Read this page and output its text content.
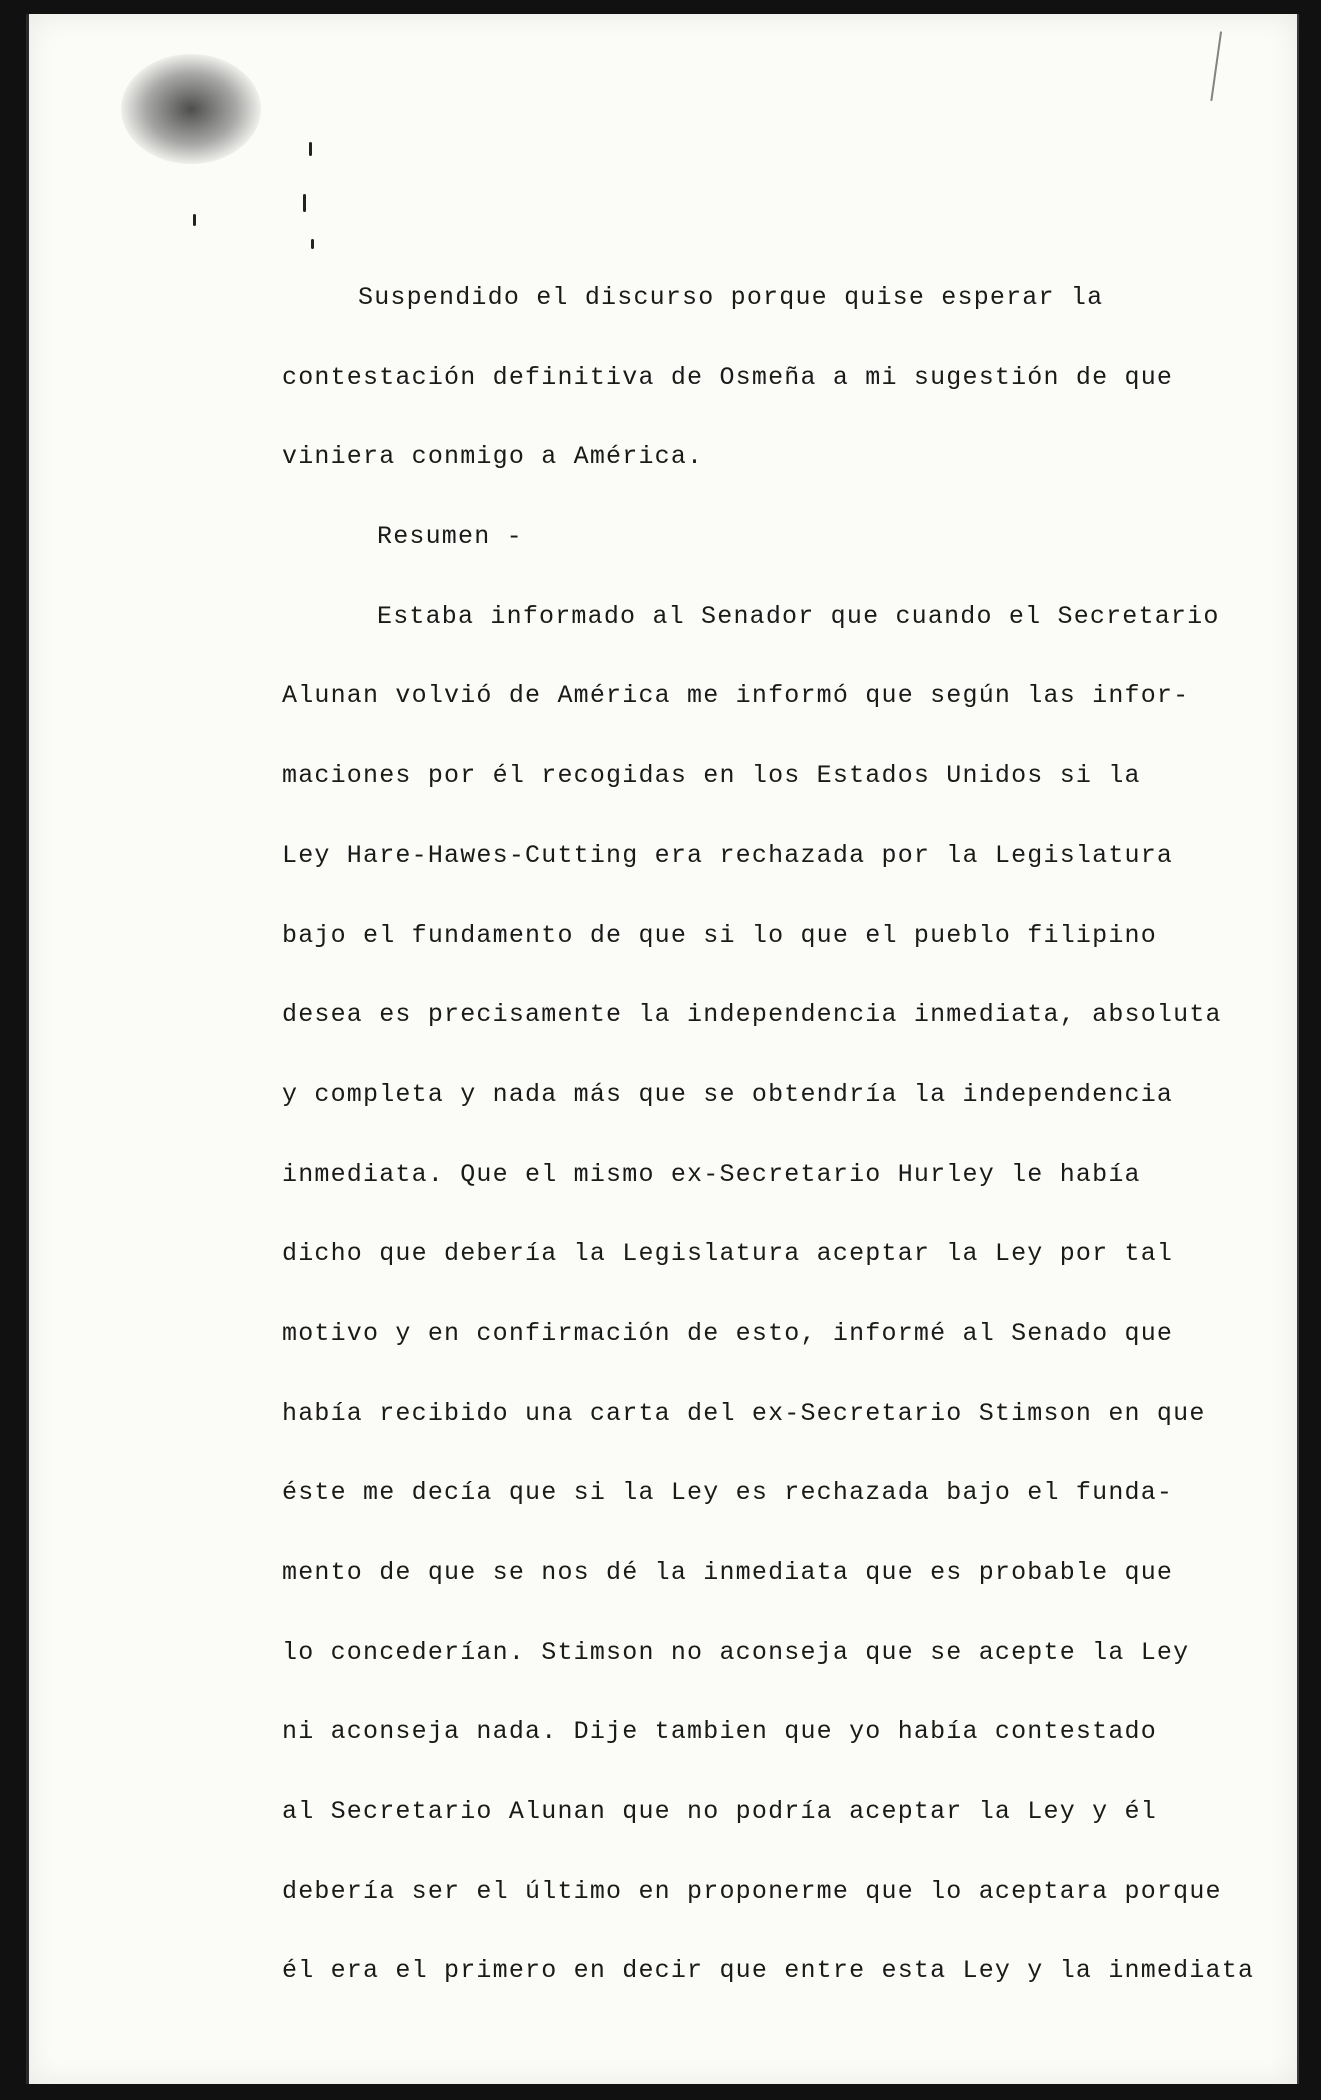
Suspendido el discurso porque quise esperar la
contestación definitiva de Osmeña a mi sugestión de que
viniera conmigo a América.
Resumen -
Estaba informado al Senador que cuando el Secretario
Alunan volvió de América me informó que según las infor-
maciones por él recogidas en los Estados Unidos si la
Ley Hare-Hawes-Cutting era rechazada por la Legislatura
bajo el fundamento de que si lo que el pueblo filipino
desea es precisamente la independencia inmediata, absoluta
y completa y nada más que se obtendría la independencia
inmediata. Que el mismo ex-Secretario Hurley le había
dicho que debería la Legislatura aceptar la Ley por tal
motivo y en confirmación de esto, informé al Senado que
había recibido una carta del ex-Secretario Stimson en que
éste me decía que si la Ley es rechazada bajo el funda-
mento de que se nos dé la inmediata que es probable que
lo concederían. Stimson no aconseja que se acepte la Ley
ni aconseja nada. Dije tambien que yo había contestado
al Secretario Alunan que no podría aceptar la Ley y él
debería ser el último en proponerme que lo aceptara porque
él era el primero en decir que entre esta Ley y la inmediata
